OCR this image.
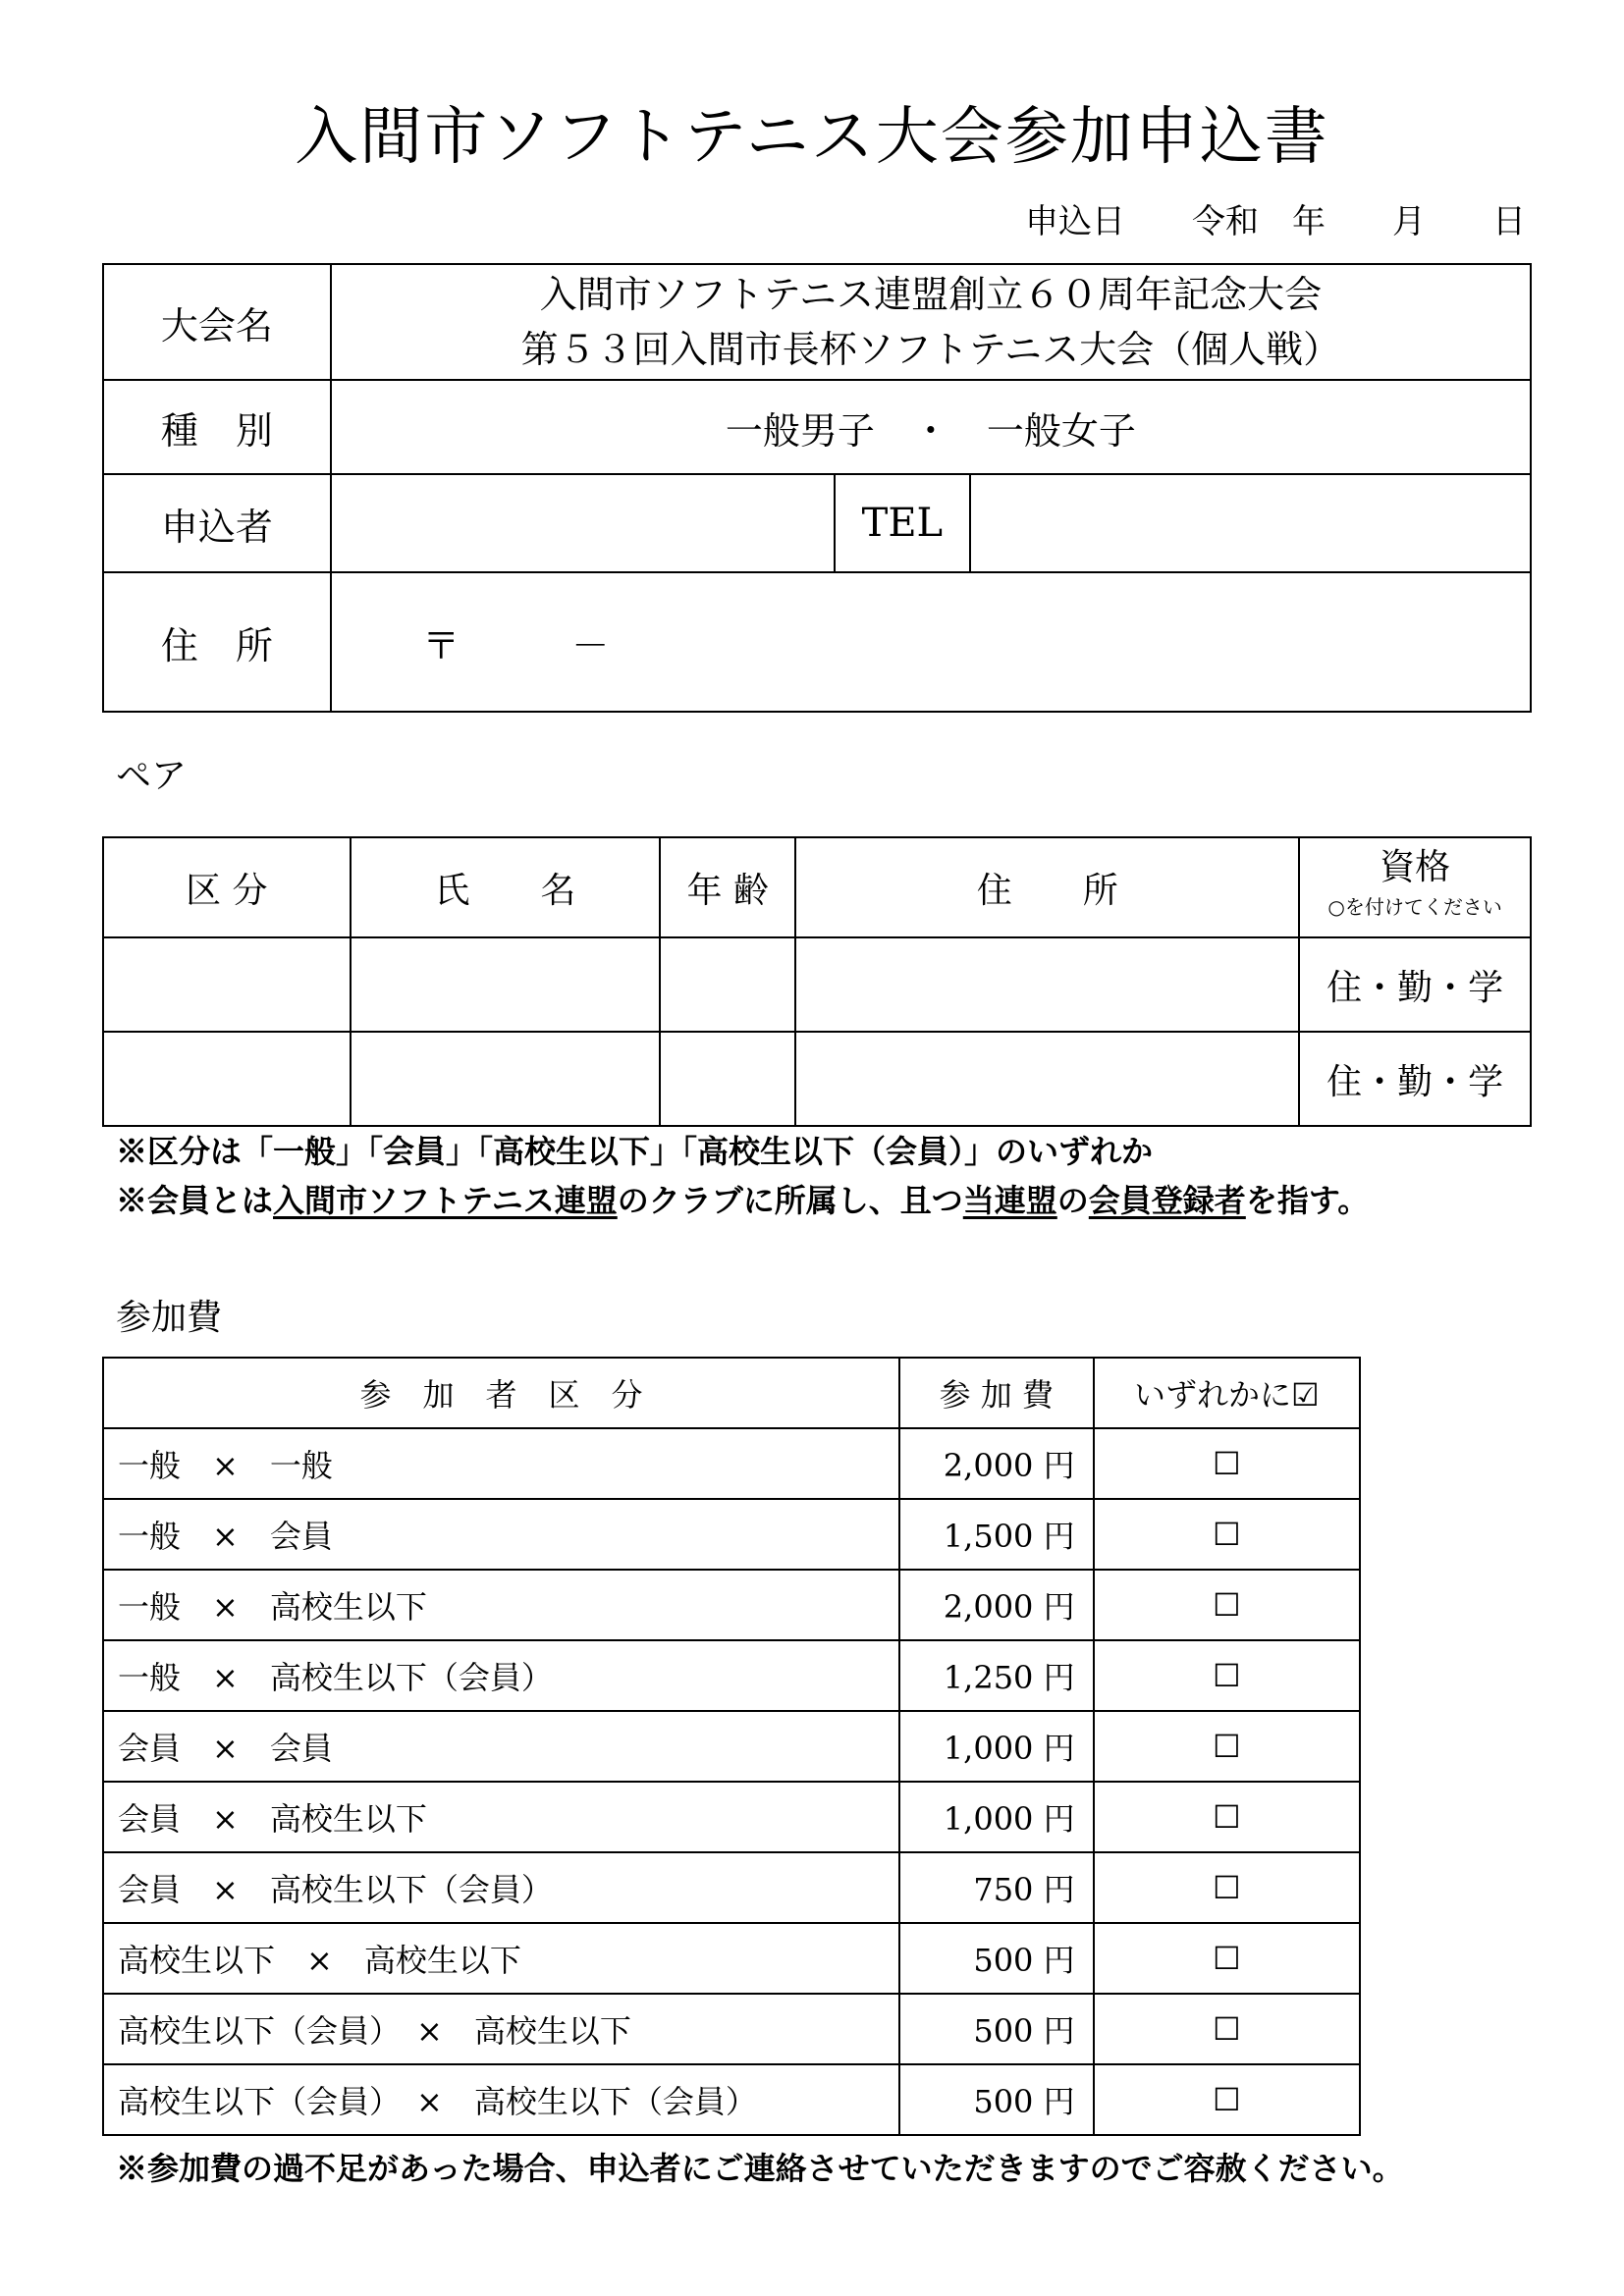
入間市ソフトテニス大会参加申込書
申込日　　令和　年　　月　　日
大会名	入間市ソフトテニス連盟創立６０周年記念大会
第５３回入間市長杯ソフトテニス大会（個人戦）		

種　別	一般男子　・　一般女子		
申込者		TEL	
住　所	〒　　　－		

ペア
区 分	氏　　名	年 齢	住　　所	資格
○を付けてください

				住・勤・学
				住・勤・学
※区分は「一般」「会員」「高校生以下」「高校生以下（会員）」のいずれか
※会員とは入間市ソフトテニス連盟のクラブに所属し、且つ当連盟の会員登録者を指す。
参加費
参　加　者　区　分	参 加 費	いずれかに☑
一般　×　一般	2,000 円	☐
一般　×　会員	1,500 円	☐
一般　×　高校生以下	2,000 円	☐
一般　×　高校生以下（会員）	1,250 円	☐
会員　×　会員	1,000 円	☐
会員　×　高校生以下	1,000 円	☐
会員　×　高校生以下（会員）	750 円	☐
高校生以下　×　高校生以下	500 円	☐
高校生以下（会員）　×　高校生以下	500 円	☐
高校生以下（会員）　×　高校生以下（会員）	500 円	☐
※参加費の過不足があった場合、申込者にご連絡させていただきますのでご容赦ください。
